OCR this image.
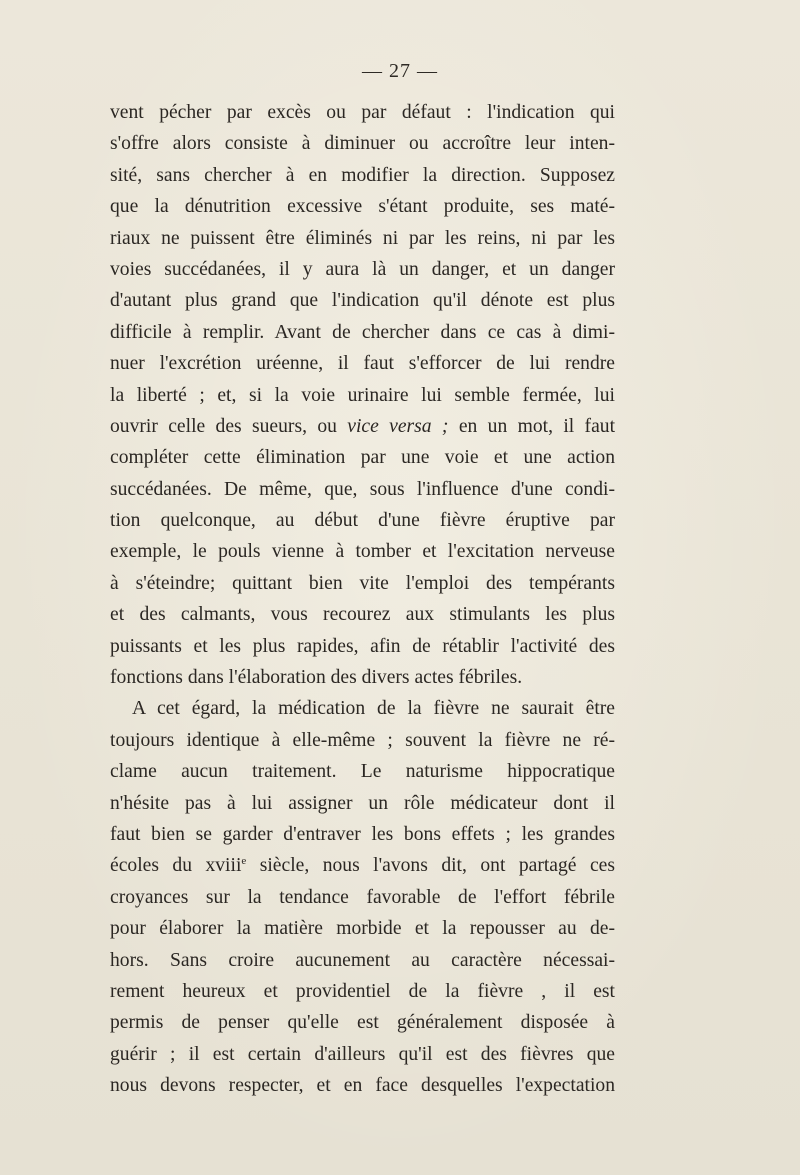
— 27 —
vent pécher par excès ou par défaut : l'indication qui
s'offre alors consiste à diminuer ou accroître leur inten-
sité, sans chercher à en modifier la direction. Supposez
que la dénutrition excessive s'étant produite, ses maté-
riaux ne puissent être éliminés ni par les reins, ni par les
voies succédanées, il y aura là un danger, et un danger
d'autant plus grand que l'indication qu'il dénote est plus
difficile à remplir. Avant de chercher dans ce cas à dimi-
nuer l'excrétion uréenne, il faut s'efforcer de lui rendre
la liberté ; et, si la voie urinaire lui semble fermée, lui
ouvrir celle des sueurs, ou vice versa ; en un mot, il faut
compléter cette élimination par une voie et une action
succédanées. De même, que, sous l'influence d'une condi-
tion quelconque, au début d'une fièvre éruptive par
exemple, le pouls vienne à tomber et l'excitation nerveuse
à s'éteindre; quittant bien vite l'emploi des tempérants
et des calmants, vous recourez aux stimulants les plus
puissants et les plus rapides, afin de rétablir l'activité des
fonctions dans l'élaboration des divers actes fébriles.
A cet égard, la médication de la fièvre ne saurait être
toujours identique à elle-même ; souvent la fièvre ne ré-
clame aucun traitement. Le naturisme hippocratique
n'hésite pas à lui assigner un rôle médicateur dont il
faut bien se garder d'entraver les bons effets ; les grandes
écoles du xviii$^e$ siècle, nous l'avons dit, ont partagé ces
croyances sur la tendance favorable de l'effort fébrile
pour élaborer la matière morbide et la repousser au de-
hors. Sans croire aucunement au caractère nécessai-
rement heureux et providentiel de la fièvre , il est
permis de penser qu'elle est généralement disposée à
guérir ; il est certain d'ailleurs qu'il est des fièvres que
nous devons respecter, et en face desquelles l'expectation
